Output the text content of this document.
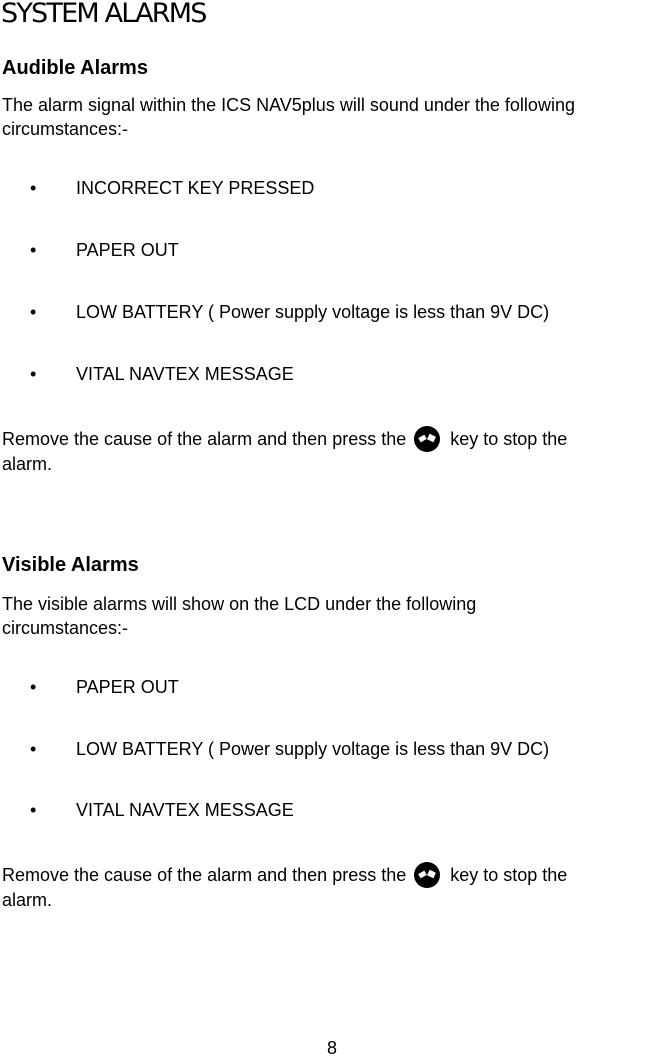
SYSTEM ALARMS
Audible Alarms

The alarm signal within the ICS NAV5plus will sound under the following
circumstances:-

• INCORRECT KEY PRESSED
• PAPER OUT
• LOW BATTERY ( Power supply voltage is less than 9V DC)
• VITAL NAVTEX MESSAGE

Remove the cause of the alarm and then press the key to stop the
alarm.

Visible Alarms

The visible alarms will show on the LCD under the following
circumstances:-

• PAPER OUT
• LOW BATTERY ( Power supply voltage is less than 9V DC)
• VITAL NAVTEX MESSAGE

Remove the cause of the alarm and then press the key to stop the
alarm.

8
